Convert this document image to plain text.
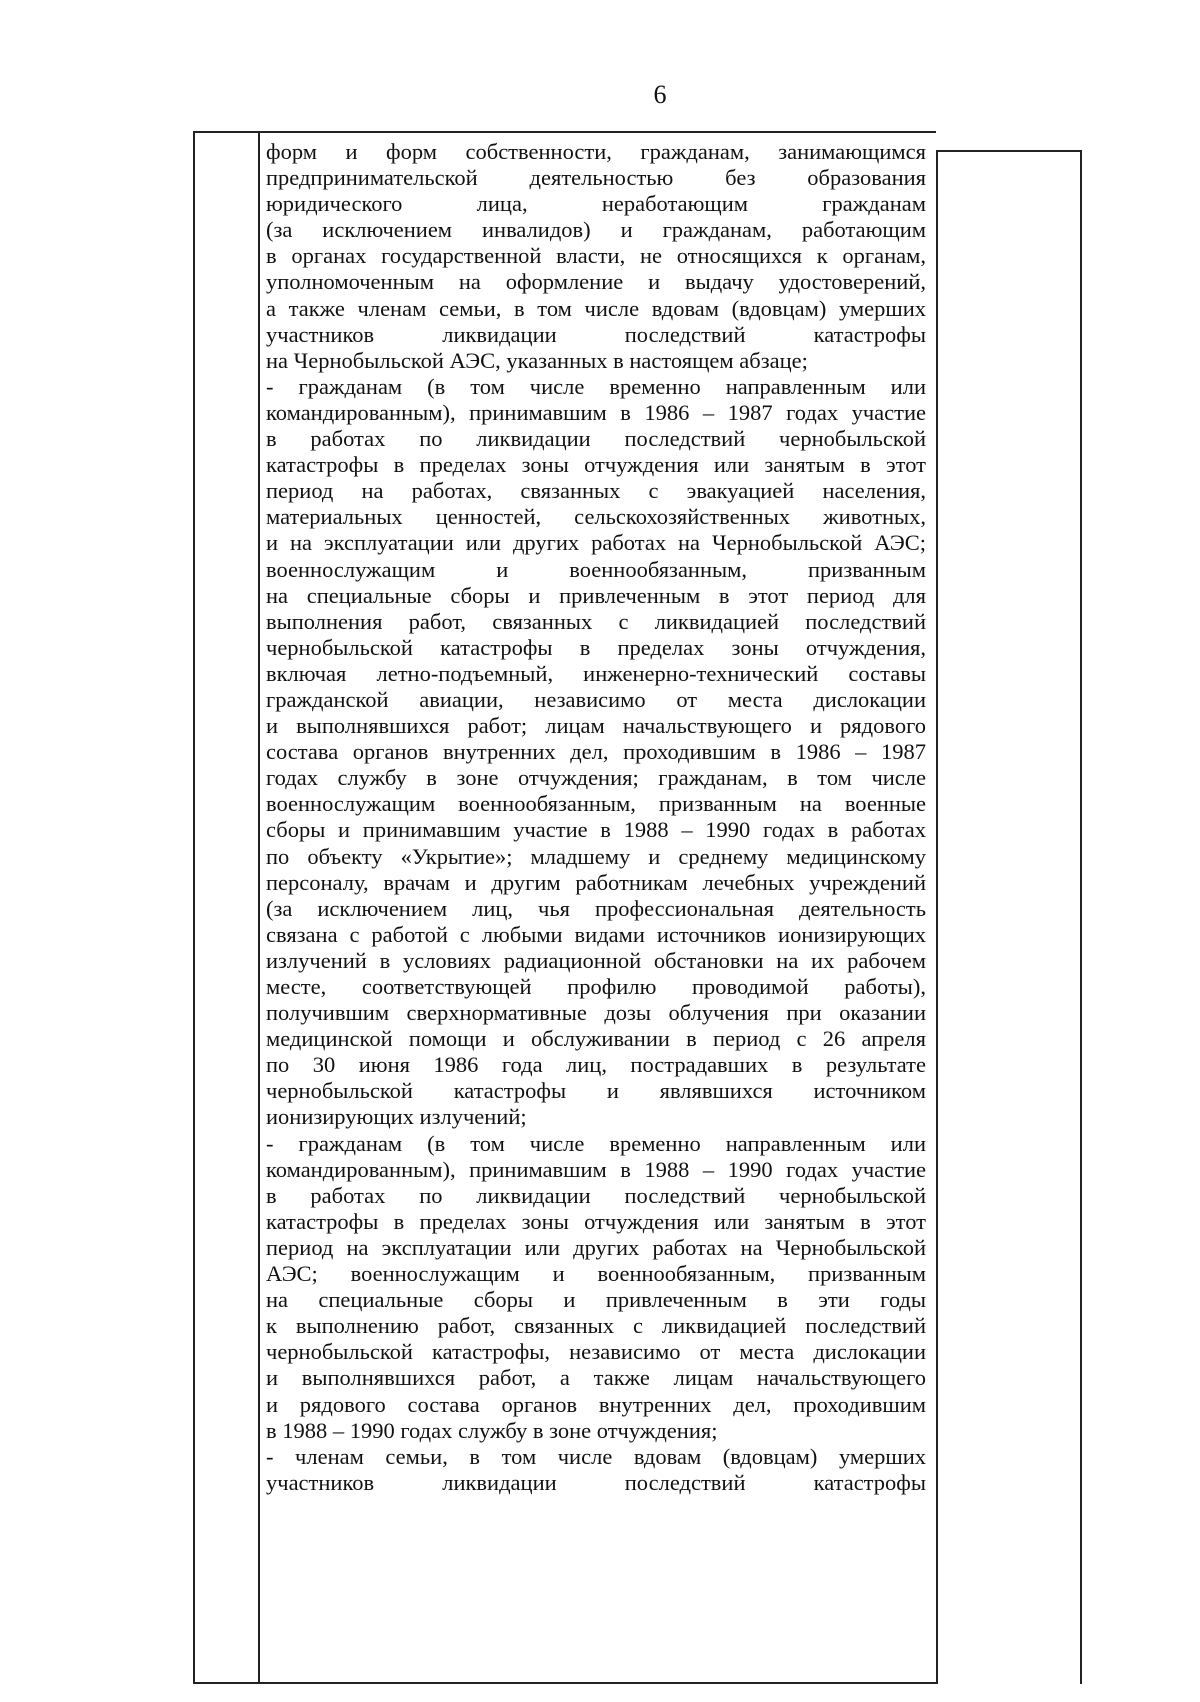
6
форм и форм собственности, гражданам, занимающимся
предпринимательской деятельностью без образования
юридического лица, неработающим гражданам
(за исключением инвалидов) и гражданам, работающим
в органах государственной власти, не относящихся к органам,
уполномоченным на оформление и выдачу удостоверений,
а также членам семьи, в том числе вдовам (вдовцам) умерших
участников ликвидации последствий катастрофы
на Чернобыльской АЭС, указанных в настоящем абзаце;
- гражданам (в том числе временно направленным или
командированным), принимавшим в 1986 – 1987 годах участие
в работах по ликвидации последствий чернобыльской
катастрофы в пределах зоны отчуждения или занятым в этот
период на работах, связанных с эвакуацией населения,
материальных ценностей, сельскохозяйственных животных,
и на эксплуатации или других работах на Чернобыльской АЭС;
военнослужащим и военнообязанным, призванным
на специальные сборы и привлеченным в этот период для
выполнения работ, связанных с ликвидацией последствий
чернобыльской катастрофы в пределах зоны отчуждения,
включая летно-подъемный, инженерно-технический составы
гражданской авиации, независимо от места дислокации
и выполнявшихся работ; лицам начальствующего и рядового
состава органов внутренних дел, проходившим в 1986 – 1987
годах службу в зоне отчуждения; гражданам, в том числе
военнослужащим военнообязанным, призванным на военные
сборы и принимавшим участие в 1988 – 1990 годах в работах
по объекту «Укрытие»; младшему и среднему медицинскому
персоналу, врачам и другим работникам лечебных учреждений
(за исключением лиц, чья профессиональная деятельность
связана с работой с любыми видами источников ионизирующих
излучений в условиях радиационной обстановки на их рабочем
месте, соответствующей профилю проводимой работы),
получившим сверхнормативные дозы облучения при оказании
медицинской помощи и обслуживании в период с 26 апреля
по 30 июня 1986 года лиц, пострадавших в результате
чернобыльской катастрофы и являвшихся источником
ионизирующих излучений;
- гражданам (в том числе временно направленным или
командированным), принимавшим в 1988 – 1990 годах участие
в работах по ликвидации последствий чернобыльской
катастрофы в пределах зоны отчуждения или занятым в этот
период на эксплуатации или других работах на Чернобыльской
АЭС; военнослужащим и военнообязанным, призванным
на специальные сборы и привлеченным в эти годы
к выполнению работ, связанных с ликвидацией последствий
чернобыльской катастрофы, независимо от места дислокации
и выполнявшихся работ, а также лицам начальствующего
и рядового состава органов внутренних дел, проходившим
в 1988 – 1990 годах службу в зоне отчуждения;
- членам семьи, в том числе вдовам (вдовцам) умерших
участников ликвидации последствий катастрофы
